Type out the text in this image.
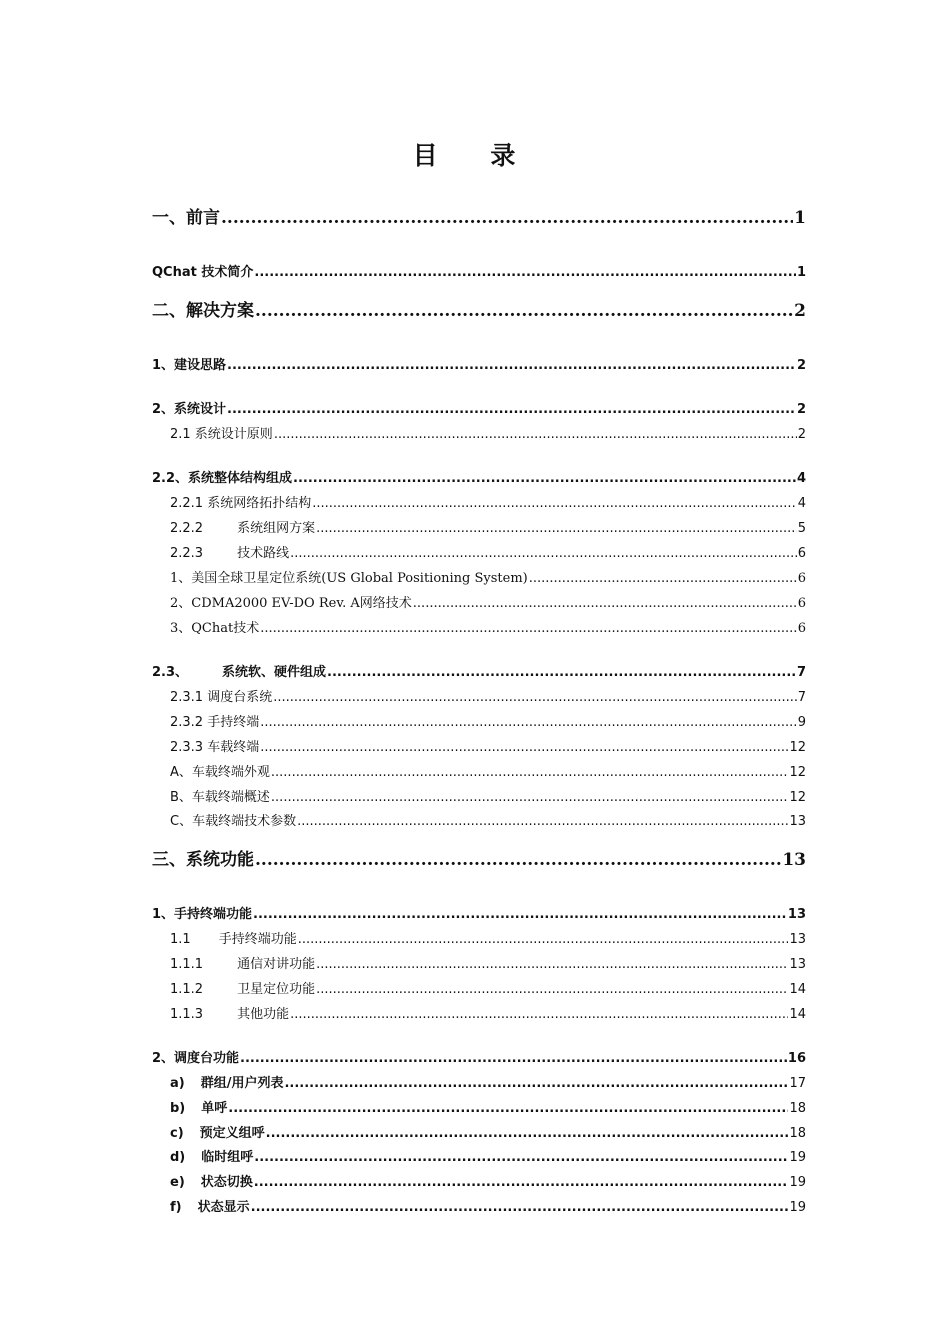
目 录
一、前言 .....	1
QChat 技术简介 .....	1
二、解决方案 .....	2
1、建设思路 .....	2
2、系统设计 .....	2
2.1 系统设计原则 .....	2
2.2、系统整体结构组成 .....	4
2.2.1 系统网络拓扑结构 .....	4
2.2.2	系统组网方案 .....	5
2.2.3	技术路线 .....	6
1、美国全球卫星定位系统(US Global Positioning System) .....	6
2、CDMA2000 EV-DO Rev. A网络技术 .....	6
3、QChat技术 .....	6
2.3、	系统软、硬件组成 .....	7
2.3.1 调度台系统 .....	7
2.3.2 手持终端 .....	9
2.3.3 车载终端 .....	12
A、车载终端外观 .....	12
B、车载终端概述 .....	12
C、车载终端技术参数 .....	13
三、系统功能 .....	13
1、手持终端功能 .....	13
1.1 手持终端功能 .....	13
1.1.1	通信对讲功能 .....	13
1.1.2	卫星定位功能 .....	14
1.1.3	其他功能 .....	14
2、调度台功能 .....	16
a) 群组/用户列表 .....	17
b) 单呼 .....	18
c) 预定义组呼 .....	18
d) 临时组呼 .....	19
e) 状态切换 .....	19
f) 状态显示 .....	19
